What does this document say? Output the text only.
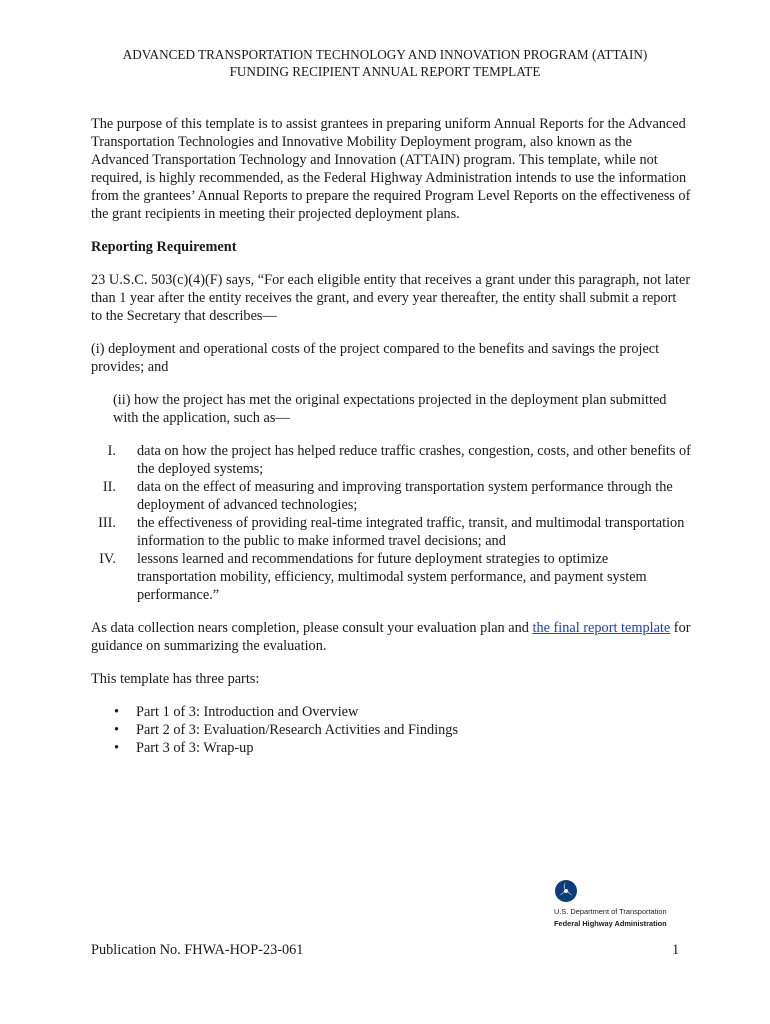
ADVANCED TRANSPORTATION TECHNOLOGY AND INNOVATION PROGRAM (ATTAIN)
FUNDING RECIPIENT ANNUAL REPORT TEMPLATE

The purpose of this template is to assist grantees in preparing uniform Annual Reports for the Advanced Transportation Technologies and Innovative Mobility Deployment program, also known as the Advanced Transportation Technology and Innovation (ATTAIN) program. This template, while not required, is highly recommended, as the Federal Highway Administration intends to use the information from the grantees’ Annual Reports to prepare the required Program Level Reports on the effectiveness of the grant recipients in meeting their projected deployment plans.

Reporting Requirement

23 U.S.C. 503(c)(4)(F) says, “For each eligible entity that receives a grant under this paragraph, not later than 1 year after the entity receives the grant, and every year thereafter, the entity shall submit a report to the Secretary that describes—

(i) deployment and operational costs of the project compared to the benefits and savings the project provides; and

(ii) how the project has met the original expectations projected in the deployment plan submitted with the application, such as—

I.	data on how the project has helped reduce traffic crashes, congestion, costs, and other benefits of the deployed systems;
II.	data on the effect of measuring and improving transportation system performance through the deployment of advanced technologies;
III.	the effectiveness of providing real-time integrated traffic, transit, and multimodal transportation information to the public to make informed travel decisions; and
IV.	lessons learned and recommendations for future deployment strategies to optimize transportation mobility, efficiency, multimodal system performance, and payment system performance.”

As data collection nears completion, please consult your evaluation plan and the final report template for guidance on summarizing the evaluation.

This template has three parts:

•	Part 1 of 3: Introduction and Overview
•	Part 2 of 3: Evaluation/Research Activities and Findings
•	Part 3 of 3: Wrap-up
U.S. Department of Transportation
Federal Highway Administration
Publication No. FHWA-HOP-23-061	1
